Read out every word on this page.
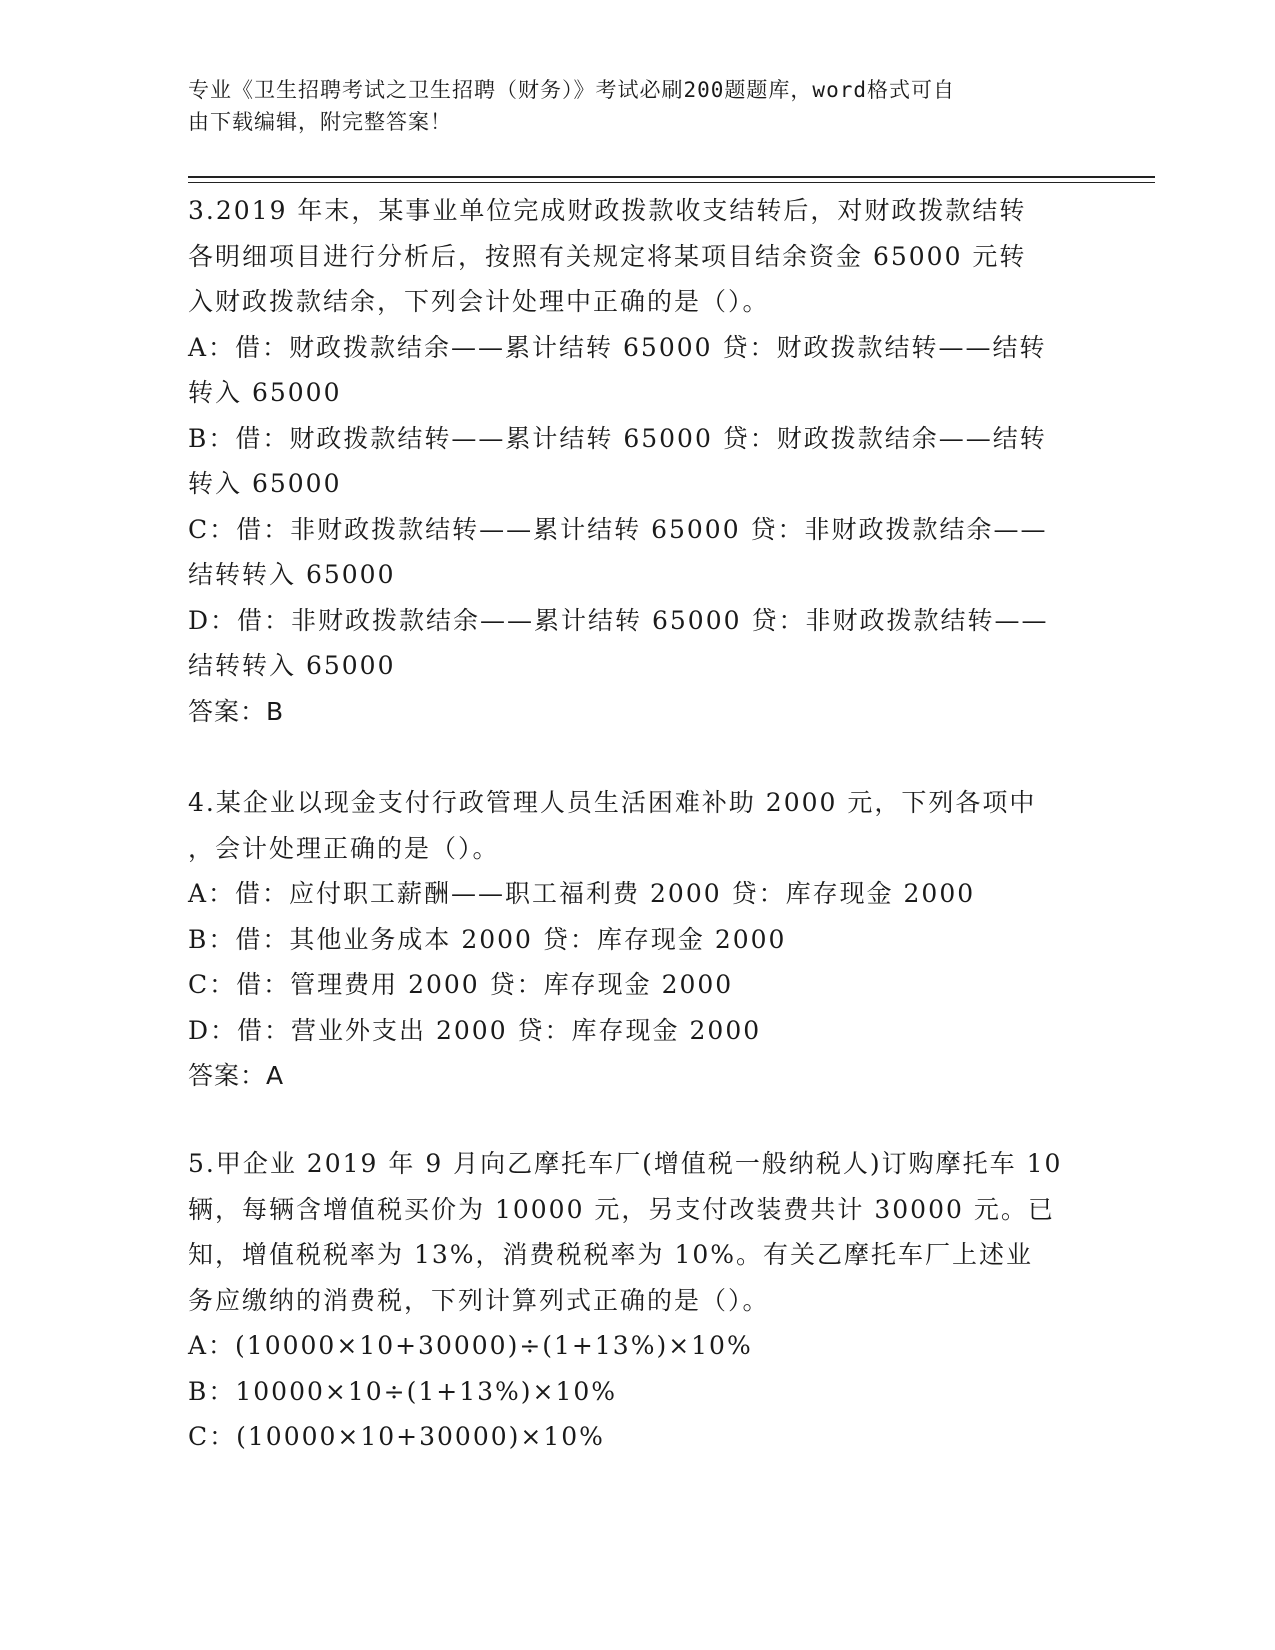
专业《卫生招聘考试之卫生招聘（财务）》考试必刷200题题库，word格式可自
由下载编辑，附完整答案！
3.2019 年末，某事业单位完成财政拨款收支结转后，对财政拨款结转
各明细项目进行分析后，按照有关规定将某项目结余资金 65000 元转
入财政拨款结余，下列会计处理中正确的是（）。
A：借：财政拨款结余——累计结转 65000 贷：财政拨款结转——结转
转入 65000
B：借：财政拨款结转——累计结转 65000 贷：财政拨款结余——结转
转入 65000
C：借：非财政拨款结转——累计结转 65000 贷：非财政拨款结余——
结转转入 65000
D：借：非财政拨款结余——累计结转 65000 贷：非财政拨款结转——
结转转入 65000
答案：B
4.某企业以现金支付行政管理人员生活困难补助 2000 元，下列各项中
，会计处理正确的是（）。
A：借：应付职工薪酬——职工福利费 2000 贷：库存现金 2000
B：借：其他业务成本 2000 贷：库存现金 2000
C：借：管理费用 2000 贷：库存现金 2000
D：借：营业外支出 2000 贷：库存现金 2000
答案：A
5.甲企业 2019 年 9 月向乙摩托车厂(增值税一般纳税人)订购摩托车 10
辆，每辆含增值税买价为 10000 元，另支付改装费共计 30000 元。已
知，增值税税率为 13%，消费税税率为 10%。有关乙摩托车厂上述业
务应缴纳的消费税，下列计算列式正确的是（）。
A：(10000×10+30000)÷(1+13%)×10%
B：10000×10÷(1+13%)×10%
C：(10000×10+30000)×10%
